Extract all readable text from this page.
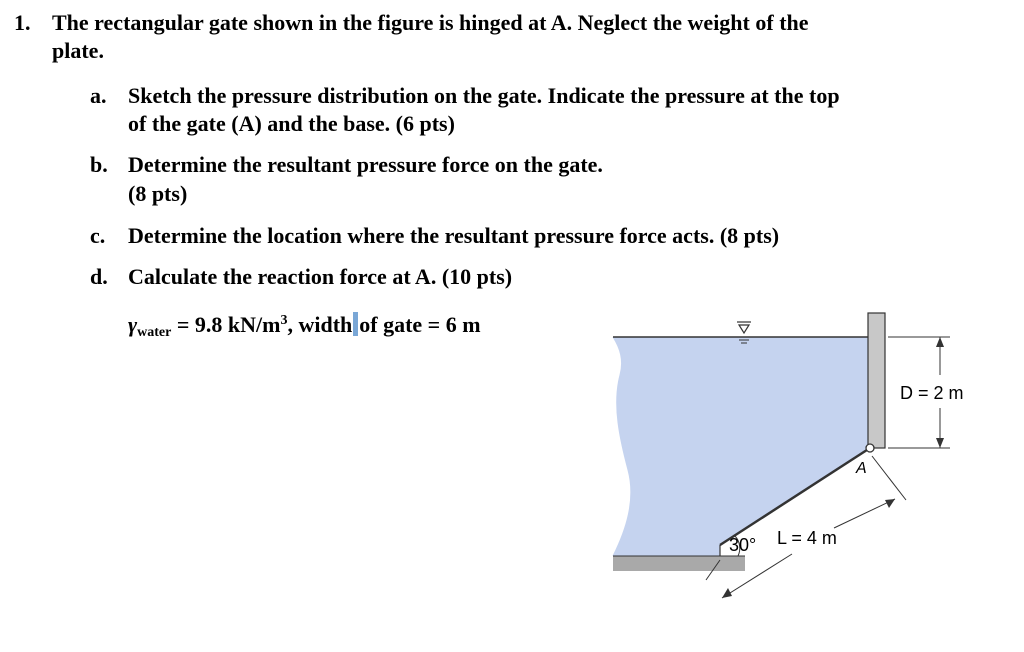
1. The rectangular gate shown in the figure is hinged at A. Neglect the weight of the
plate.
a. Sketch the pressure distribution on the gate. Indicate the pressure at the top
of the gate (A) and the base. (6 pts)
b. Determine the resultant pressure force on the gate.
(8 pts)
c. Determine the location where the resultant pressure force acts. (8 pts)
d. Calculate the reaction force at A. (10 pts)
$\gamma_{water} = 9.8$ $kN/m^3$, width of gate = 6 m
A
D = 2 m
30° L = 4 m
